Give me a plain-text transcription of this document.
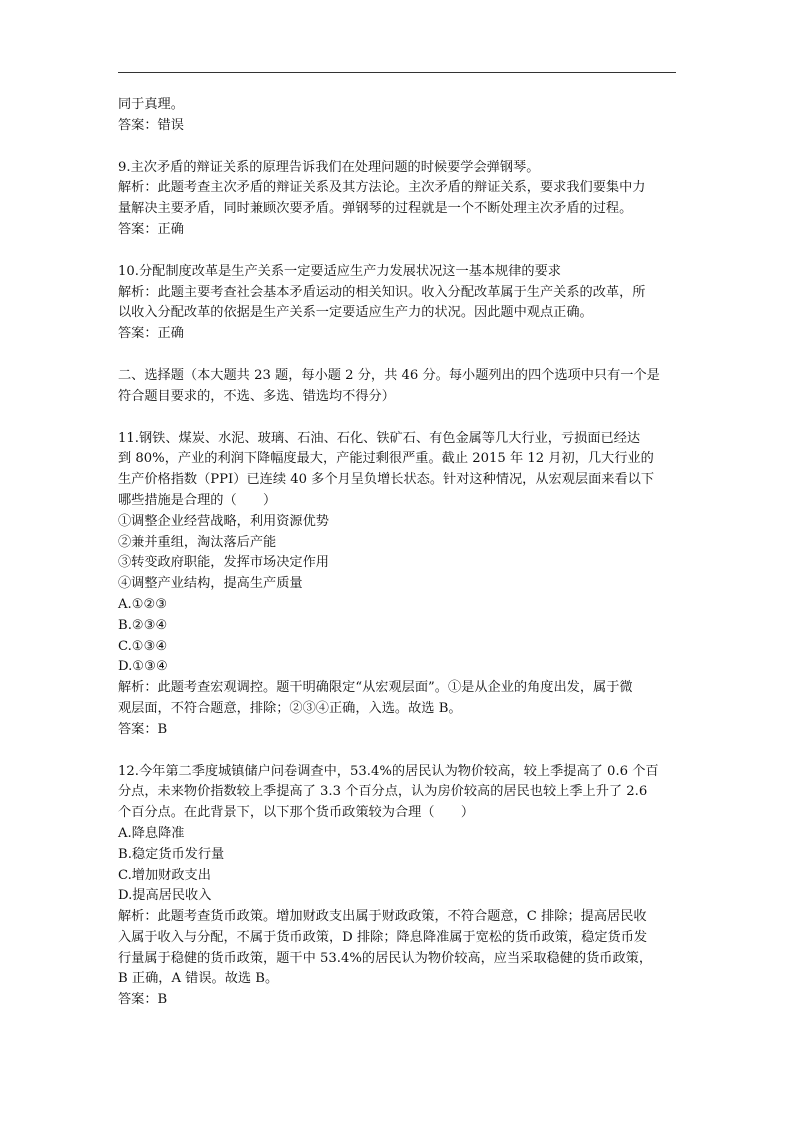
同于真理。
答案：错误
9.主次矛盾的辩证关系的原理告诉我们在处理问题的时候要学会弹钢琴。
解析：此题考查主次矛盾的辩证关系及其方法论。主次矛盾的辩证关系，要求我们要集中力
量解决主要矛盾，同时兼顾次要矛盾。弹钢琴的过程就是一个不断处理主次矛盾的过程。
答案：正确
10.分配制度改革是生产关系一定要适应生产力发展状况这一基本规律的要求
解析：此题主要考查社会基本矛盾运动的相关知识。收入分配改革属于生产关系的改革，所
以收入分配改革的依据是生产关系一定要适应生产力的状况。因此题中观点正确。
答案：正确
二、选择题（本大题共 23 题，每小题 2 分，共 46 分。每小题列出的四个选项中只有一个是
符合题目要求的，不选、多选、错选均不得分）
11.钢铁、煤炭、水泥、玻璃、石油、石化、铁矿石、有色金属等几大行业，亏损面已经达
到 80%，产业的利润下降幅度最大，产能过剩很严重。截止 2015 年 12 月初，几大行业的
生产价格指数（PPI）已连续 40 多个月呈负增长状态。针对这种情况，从宏观层面来看以下
哪些措施是合理的（　　）
①调整企业经营战略，利用资源优势
②兼并重组，淘汰落后产能
③转变政府职能，发挥市场决定作用
④调整产业结构，提高生产质量
A.①②③
B.②③④
C.①③④
D.①③④
解析：此题考查宏观调控。题干明确限定“从宏观层面”。①是从企业的角度出发，属于微
观层面，不符合题意，排除；②③④正确，入选。故选 B。
答案：B
12.今年第二季度城镇储户问卷调查中，53.4%的居民认为物价较高，较上季提高了 0.6 个百
分点，未来物价指数较上季提高了 3.3 个百分点，认为房价较高的居民也较上季上升了 2.6
个百分点。在此背景下，以下那个货币政策较为合理（　　）
A.降息降准
B.稳定货币发行量
C.增加财政支出
D.提高居民收入
解析：此题考查货币政策。增加财政支出属于财政政策，不符合题意，C 排除；提高居民收
入属于收入与分配，不属于货币政策，D 排除；降息降准属于宽松的货币政策，稳定货币发
行量属于稳健的货币政策，题干中 53.4%的居民认为物价较高，应当采取稳健的货币政策，
B 正确，A 错误。故选 B。
答案：B
